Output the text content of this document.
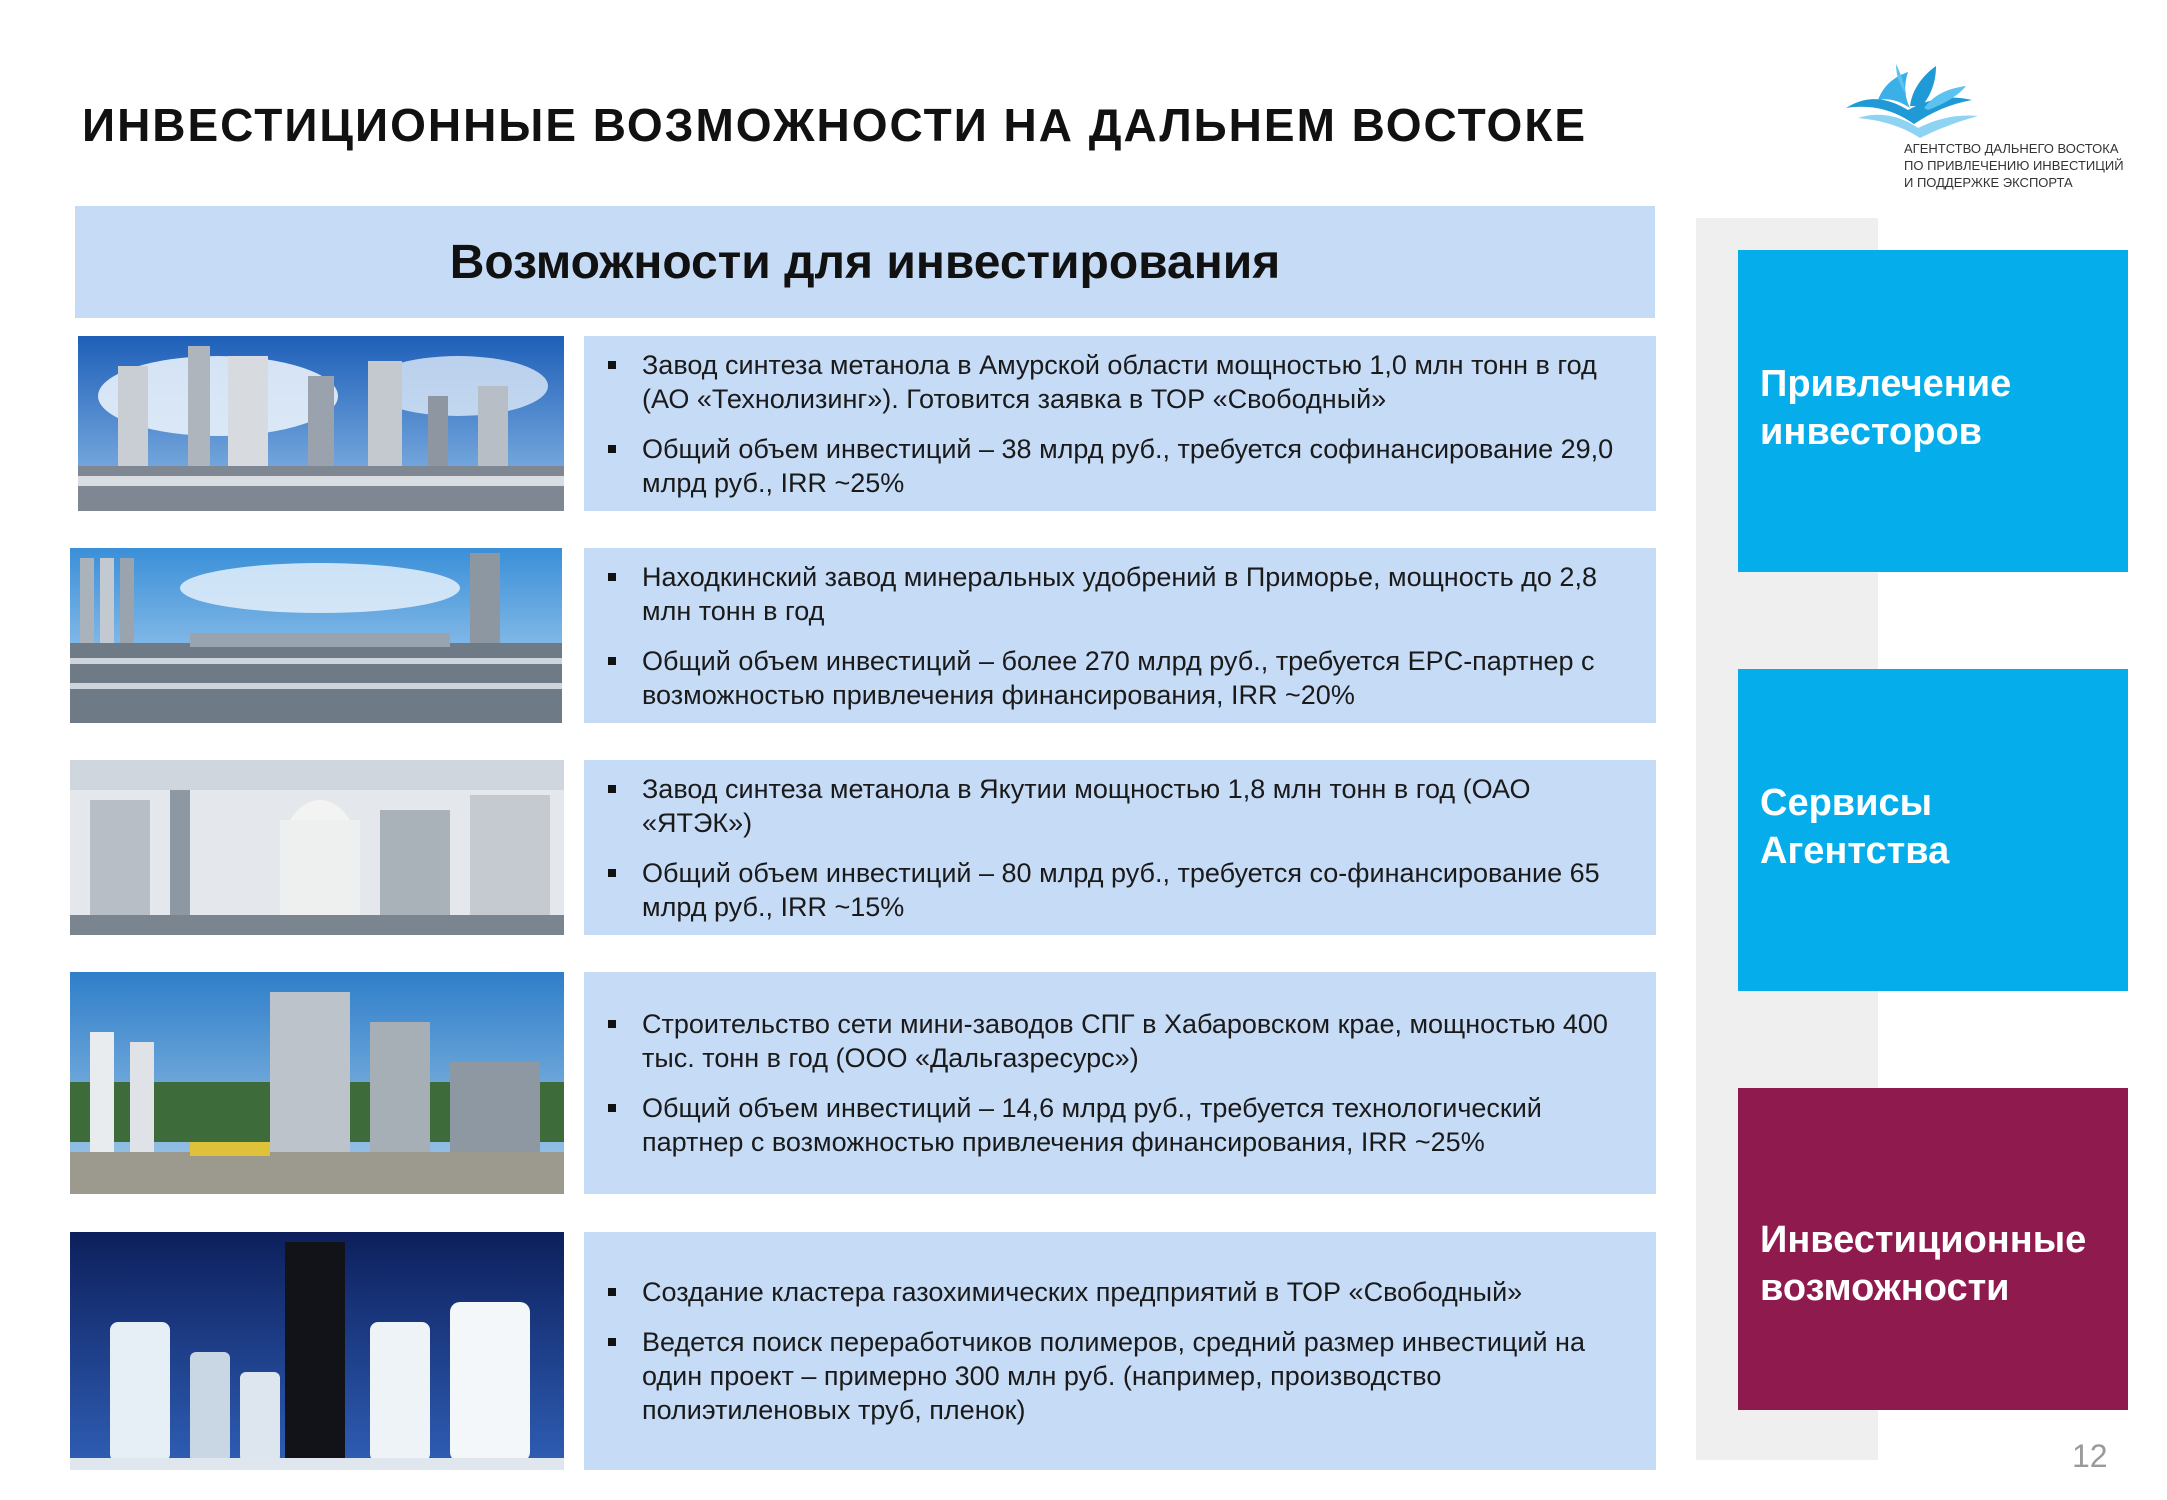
ИНВЕСТИЦИОННЫЕ ВОЗМОЖНОСТИ НА ДАЛЬНЕМ ВОСТОКЕ	АГЕНТСТВО ДАЛЬНЕГО ВОСТОКА
ПО ПРИВЛЕЧЕНИЮ ИНВЕСТИЦИЙ
И ПОДДЕРЖКЕ ЭКСПОРТА
Возможности для инвестирования
Завод синтеза метанола в Амурской области мощностью 1,0 млн тонн в год (АО «Технолизинг»). Готовится заявка в ТОР «Свободный»
Общий объем инвестиций – 38 млрд руб., требуется софинансирование 29,0 млрд руб., IRR ~25%
Находкинский завод минеральных удобрений в Приморье, мощность до 2,8 млн тонн в год
Общий объем инвестиций – более 270 млрд руб., требуется EPC-партнер с возможностью привлечения финансирования, IRR ~20%
Завод синтеза метанола в Якутии мощностью 1,8 млн тонн в год (ОАО «ЯТЭК»)
Общий объем инвестиций – 80 млрд руб., требуется со-финансирование 65 млрд руб., IRR ~15%
Строительство сети мини-заводов СПГ в Хабаровском крае, мощностью 400 тыс. тонн в год (ООО «Дальгазресурс»)
Общий объем инвестиций – 14,6 млрд руб., требуется технологический партнер с возможностью привлечения финансирования, IRR ~25%
Создание кластера газохимических предприятий в ТОР «Свободный»
Ведется поиск переработчиков полимеров, средний размер инвестиций на один проект – примерно 300 млн руб. (например, производство полиэтиленовых труб, пленок)
Привлечение инвесторов
Сервисы Агентства
Инвестиционные возможности
12
